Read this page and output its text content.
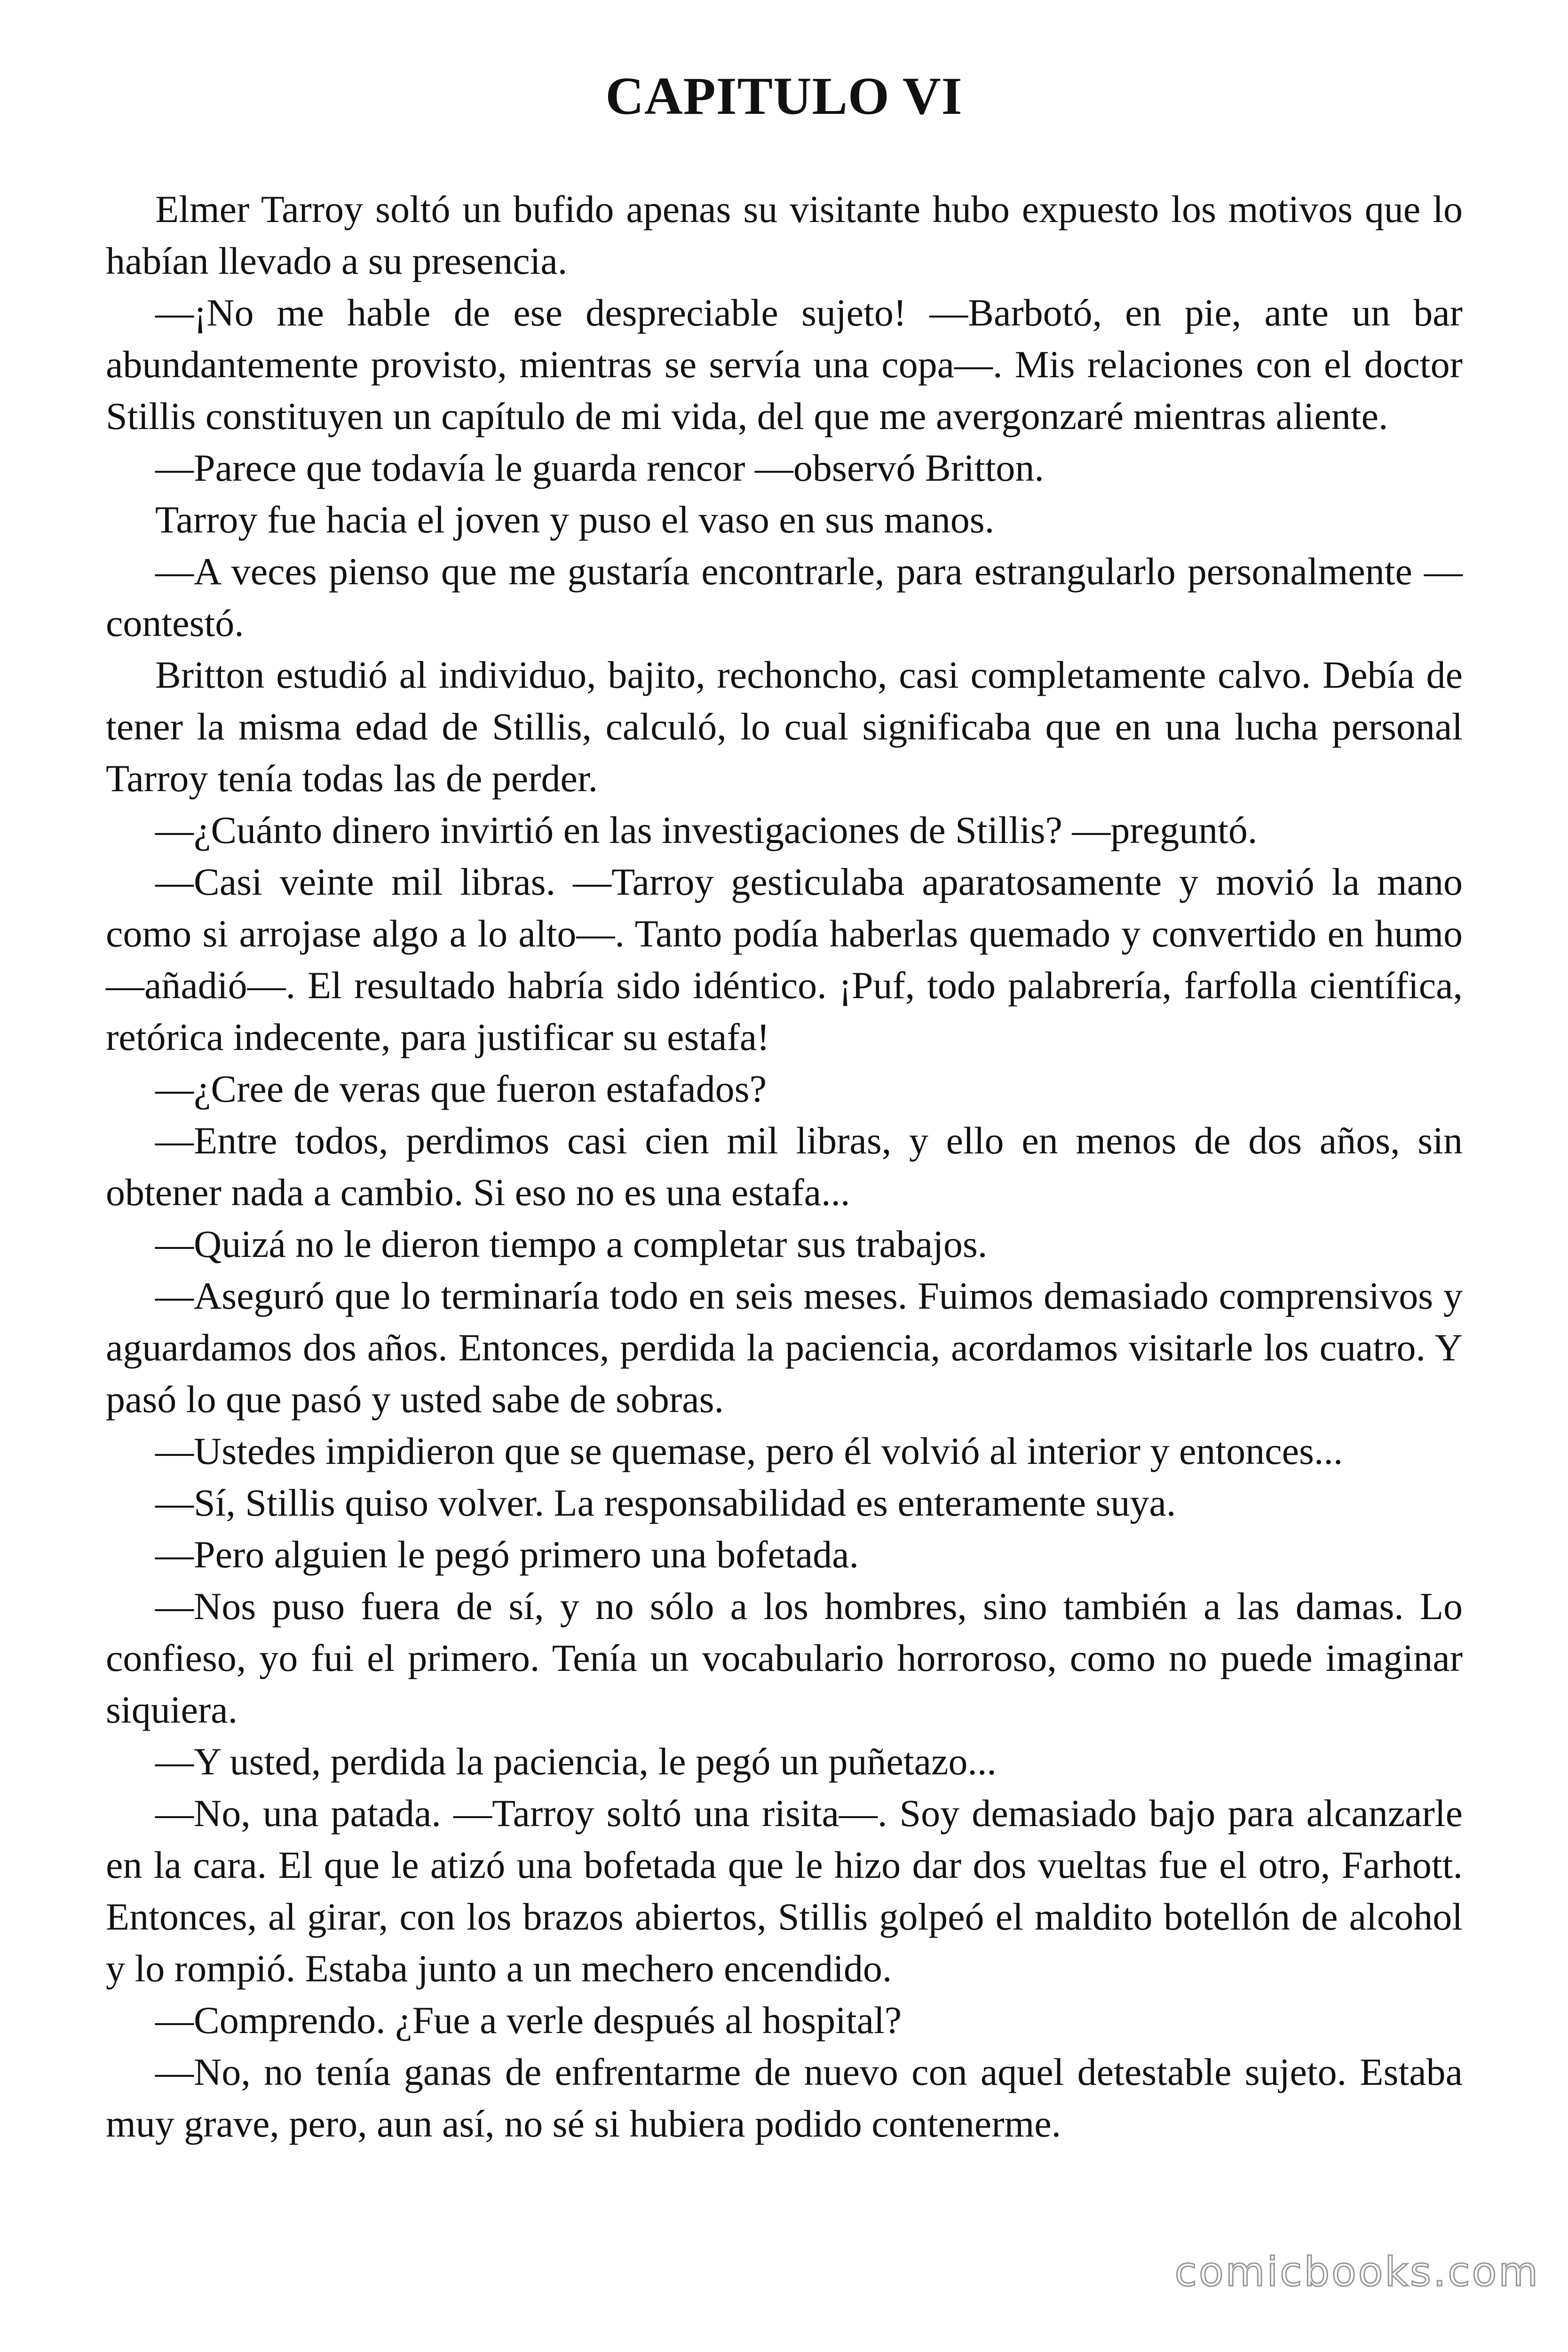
CAPITULO VI

Elmer Tarroy soltó un bufido apenas su visitante hubo expuesto los motivos que lo habían llevado a su presencia.

—¡No me hable de ese despreciable sujeto! —Barbotó, en pie, ante un bar abundantemente provisto, mientras se servía una copa—. Mis relaciones con el doctor Stillis constituyen un capítulo de mi vida, del que me avergonzaré mientras aliente.

—Parece que todavía le guarda rencor —observó Britton.

Tarroy fue hacia el joven y puso el vaso en sus manos.

—A veces pienso que me gustaría encontrarle, para estrangularlo personalmente —contestó.

Britton estudió al individuo, bajito, rechoncho, casi completamente calvo. Debía de tener la misma edad de Stillis, calculó, lo cual significaba que en una lucha personal Tarroy tenía todas las de perder.

—¿Cuánto dinero invirtió en las investigaciones de Stillis? —preguntó.

—Casi veinte mil libras. —Tarroy gesticulaba aparatosamente y movió la mano como si arrojase algo a lo alto—. Tanto podía haberlas quemado y convertido en humo —añadió—. El resultado habría sido idéntico. ¡Puf, todo palabrería, farfolla científica, retórica indecente, para justificar su estafa!

—¿Cree de veras que fueron estafados?

—Entre todos, perdimos casi cien mil libras, y ello en menos de dos años, sin obtener nada a cambio. Si eso no es una estafa...

—Quizá no le dieron tiempo a completar sus trabajos.

—Aseguró que lo terminaría todo en seis meses. Fuimos demasiado comprensivos y aguardamos dos años. Entonces, perdida la paciencia, acordamos visitarle los cuatro. Y pasó lo que pasó y usted sabe de sobras.

—Ustedes impidieron que se quemase, pero él volvió al interior y entonces...

—Sí, Stillis quiso volver. La responsabilidad es enteramente suya.

—Pero alguien le pegó primero una bofetada.

—Nos puso fuera de sí, y no sólo a los hombres, sino también a las damas. Lo confieso, yo fui el primero. Tenía un vocabulario horroroso, como no puede imaginar siquiera.

—Y usted, perdida la paciencia, le pegó un puñetazo...

—No, una patada. —Tarroy soltó una risita—. Soy demasiado bajo para alcanzarle en la cara. El que le atizó una bofetada que le hizo dar dos vueltas fue el otro, Farhott. Entonces, al girar, con los brazos abiertos, Stillis golpeó el maldito botellón de alcohol y lo rompió. Estaba junto a un mechero encendido.

—Comprendo. ¿Fue a verle después al hospital?

—No, no tenía ganas de enfrentarme de nuevo con aquel detestable sujeto. Estaba muy grave, pero, aun así, no sé si hubiera podido contenerme.

comicbooks.com
